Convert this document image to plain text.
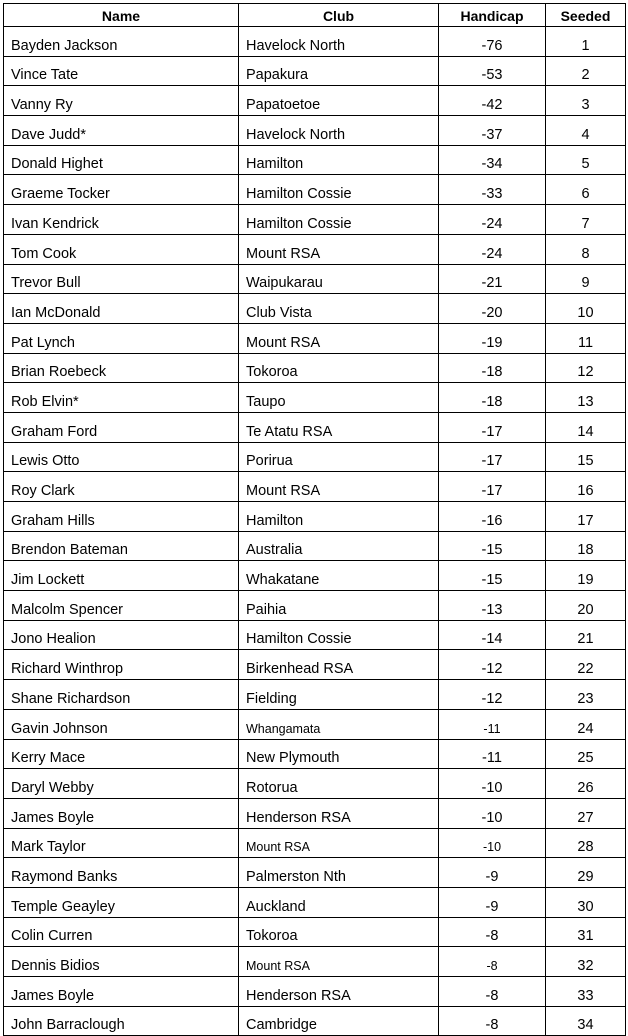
Name	Club	Handicap	Seeded
Bayden Jackson	Havelock North	-76	1
Vince Tate	Papakura	-53	2
Vanny Ry	Papatoetoe	-42	3
Dave Judd*	Havelock North	-37	4
Donald Highet	Hamilton	-34	5
Graeme Tocker	Hamilton Cossie	-33	6
Ivan Kendrick	Hamilton Cossie	-24	7
Tom Cook	Mount RSA	-24	8
Trevor Bull	Waipukarau	-21	9
Ian McDonald	Club Vista	-20	10
Pat Lynch	Mount RSA	-19	11
Brian Roebeck	Tokoroa	-18	12
Rob Elvin*	Taupo	-18	13
Graham Ford	Te Atatu RSA	-17	14
Lewis Otto	Porirua	-17	15
Roy Clark	Mount RSA	-17	16
Graham Hills	Hamilton	-16	17
Brendon Bateman	Australia	-15	18
Jim Lockett	Whakatane	-15	19
Malcolm Spencer	Paihia	-13	20
Jono Healion	Hamilton Cossie	-14	21
Richard Winthrop	Birkenhead RSA	-12	22
Shane Richardson	Fielding	-12	23
Gavin Johnson	Whangamata	-11	24
Kerry Mace	New Plymouth	-11	25
Daryl Webby	Rotorua	-10	26
James Boyle	Henderson RSA	-10	27
Mark Taylor	Mount RSA	-10	28
Raymond Banks	Palmerston Nth	-9	29
Temple Geayley	Auckland	-9	30
Colin Curren	Tokoroa	-8	31
Dennis Bidios	Mount RSA	-8	32
James Boyle	Henderson RSA	-8	33
John Barraclough	Cambridge	-8	34
